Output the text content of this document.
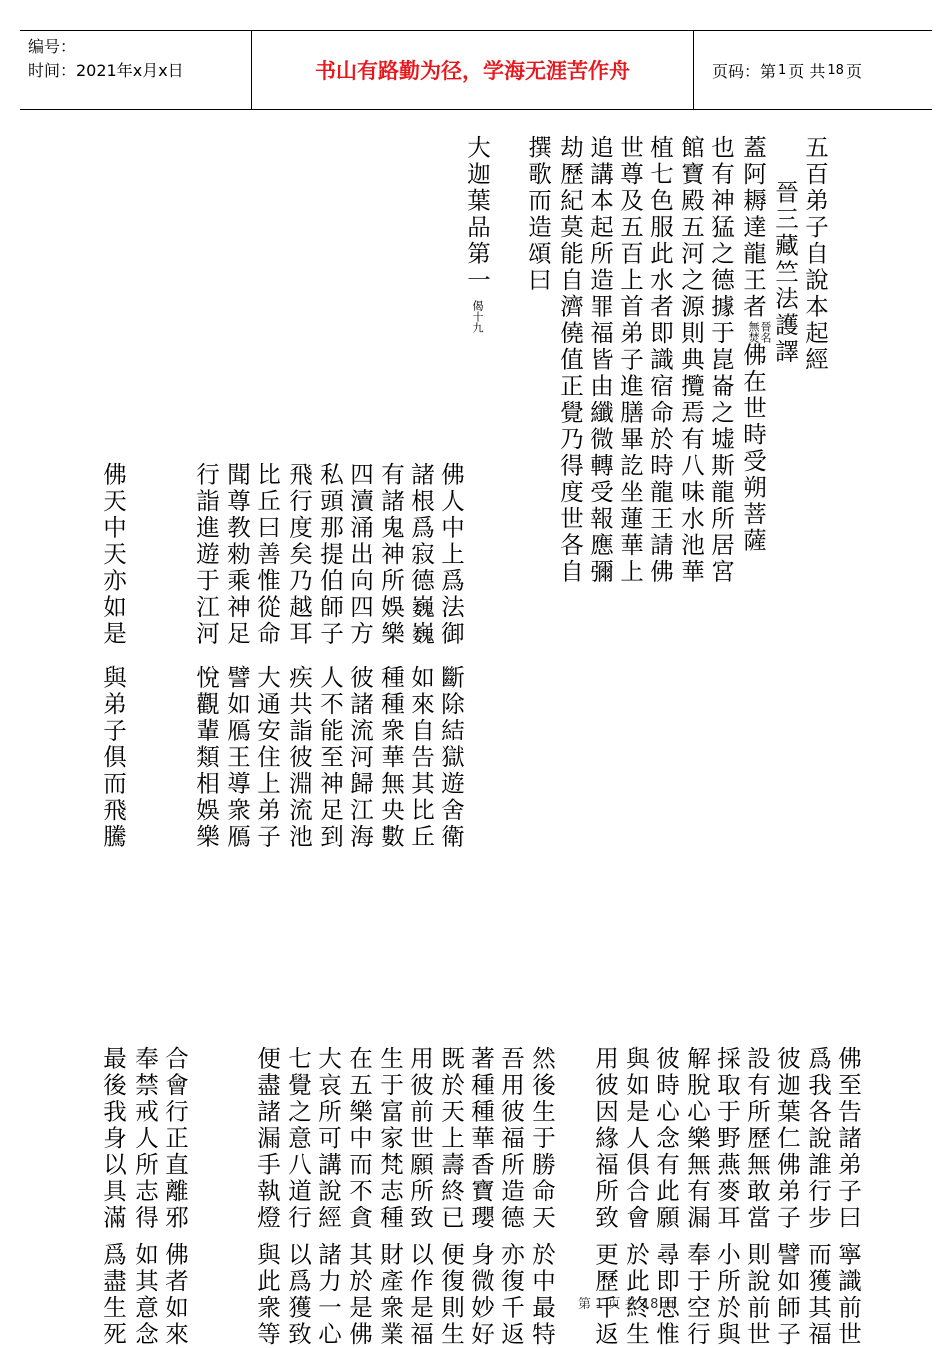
编号：
时间：2021年x月x日	书山有路勤为径，学海无涯苦作舟	页码：第 1 页 共 18 页
五百弟子自說本起經
晉三藏竺法護譯
蓋阿耨達龍王者晉名
無焚佛在世時受朔菩薩
也有神猛之德據于崑崙之墟斯龍所居宮
館寶殿五河之源則典攬焉有八味水池華
植七色服此水者即識宿命於時龍王請佛
世尊及五百上首弟子進膳畢訖坐蓮華上
追講本起所造罪福皆由纖微轉受報應彌
劫歷紀莫能自濟僥值正覺乃得度世各自
撰歌而造頌曰
大迦葉品第一偈十九
佛人中上爲法御
諸根爲寂德巍巍
有諸鬼神所娛樂
四瀆涌出向四方
私頭那提伯師子
飛行度矣乃越耳
比丘曰善惟從命
聞尊教勑乘神足
行詣進遊于江河
佛天中天亦如是
斷除結獄遊舍衛
如來自告其比丘
種種衆華無央數
彼諸流河歸江海
人不能至神足到
疾共詣彼淵流池
大通安住上弟子
譬如鴈王導衆鴈
悅觀輩類相娛樂
與弟子俱而飛騰
佛至告諸弟子曰
爲我各說誰行步
彼迦葉仁佛弟子
設有所歷無敢當
採取于野燕麥耳
解脫心樂無有漏
彼時心念有此願
與如是人俱合會
用彼因緣福所致
然後生于勝命天
吾用彼福所造德
著種種華香寶瓔
既於天上壽終已
用彼前世願所致
生于富家梵志種
在五樂中而不貪
大哀所可講說經
七覺之意八道行
便盡諸漏手執燈
合會行正直離邪
奉禁戒人所志得
最後我身以具滿
寧識前世
而獲其福
譬如師子
則說前世
小所於與
奉于空行
尋即思惟
於此終生
更歷千返
於中最特
亦復千返
身微妙好
便復則生
以作是福
財產衆業
其於是佛
諸力一心
以爲獲致
與此衆等
佛者如來
如其意念
爲盡生死	第 1 页 共 18 页
